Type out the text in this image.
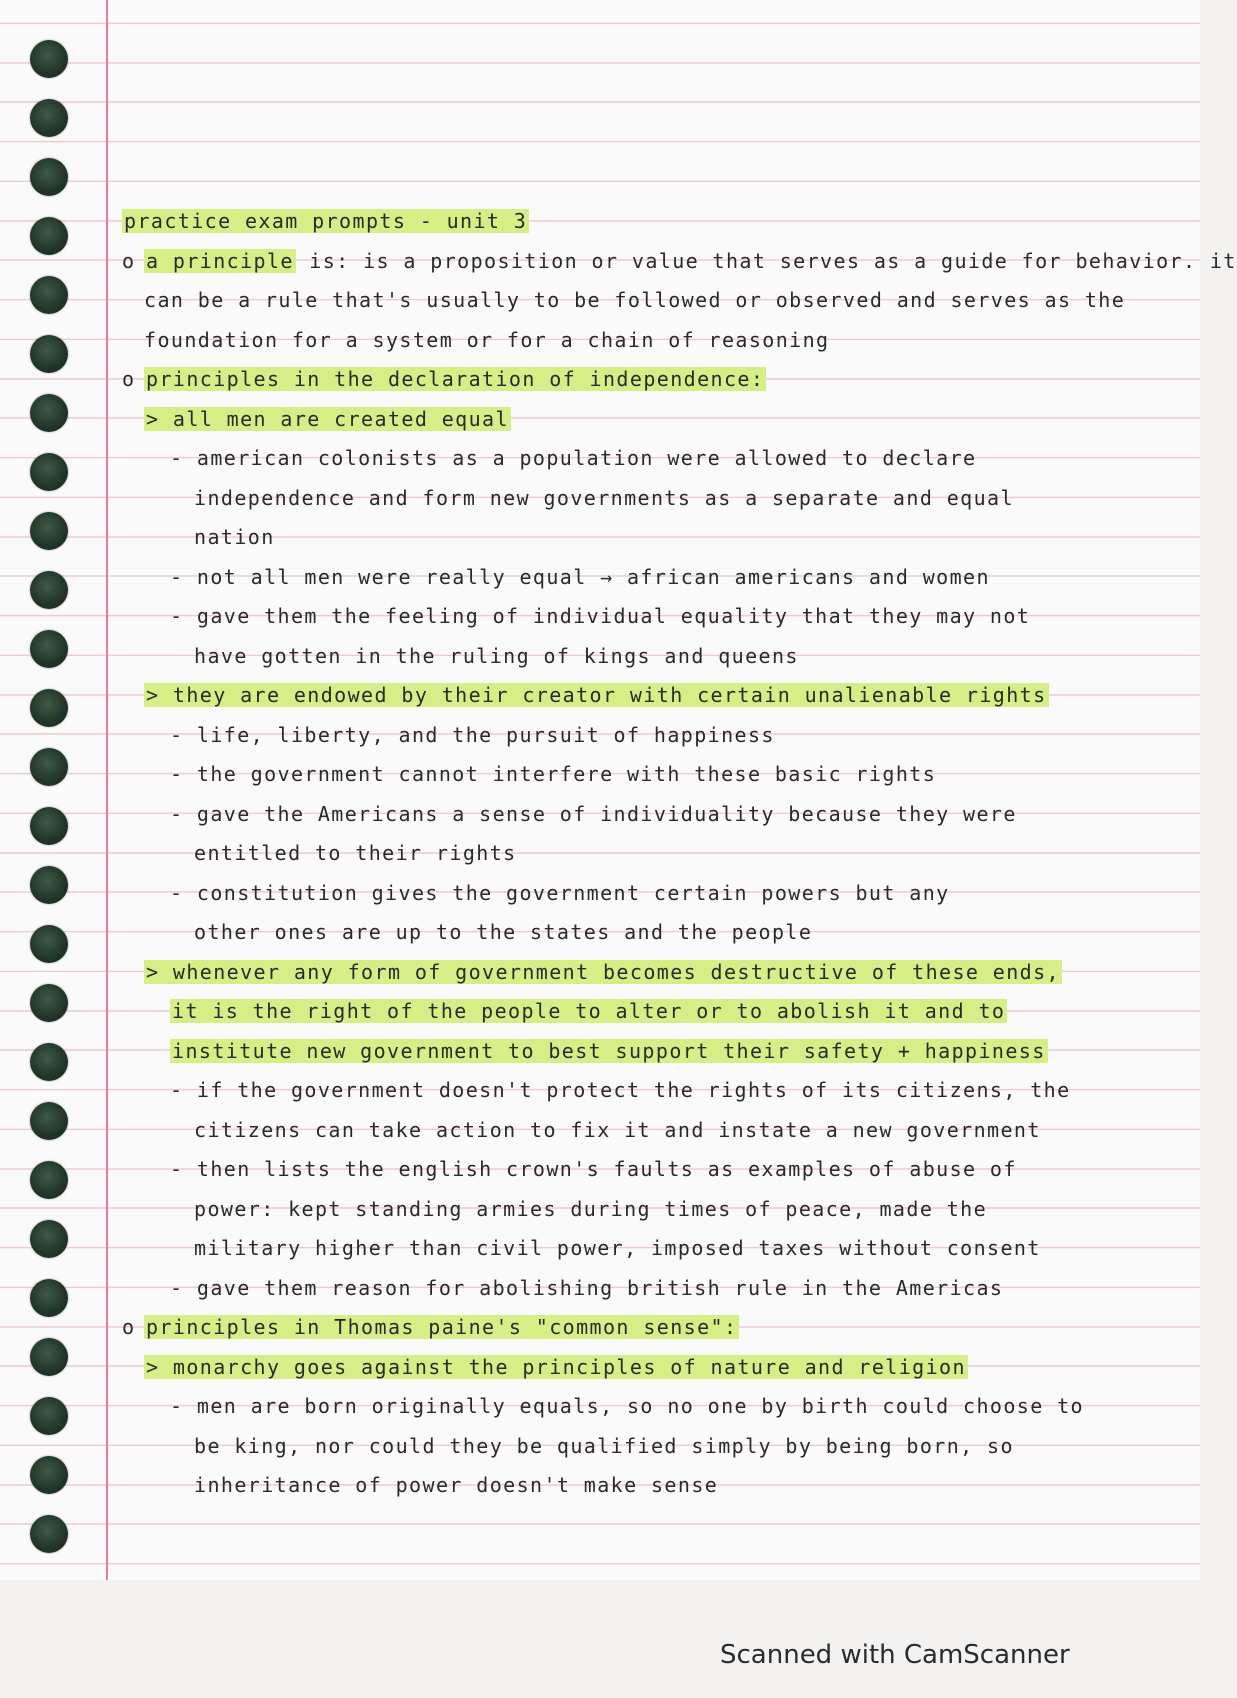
practice exam prompts - unit 3
o a principle is: is a proposition or value that serves as a guide for behavior. it
can be a rule that's usually to be followed or observed and serves as the
foundation for a system or for a chain of reasoning
o principles in the declaration of independence:
> all men are created equal
- american colonists as a population were allowed to declare
independence and form new governments as a separate and equal
nation
- not all men were really equal → african americans and women
- gave them the feeling of individual equality that they may not
have gotten in the ruling of kings and queens
> they are endowed by their creator with certain unalienable rights
- life, liberty, and the pursuit of happiness
- the government cannot interfere with these basic rights
- gave the Americans a sense of individuality because they were
entitled to their rights
- constitution gives the government certain powers but any
other ones are up to the states and the people
> whenever any form of government becomes destructive of these ends,
it is the right of the people to alter or to abolish it and to
institute new government to best support their safety + happiness
- if the government doesn't protect the rights of its citizens, the
citizens can take action to fix it and instate a new government
- then lists the english crown's faults as examples of abuse of
power: kept standing armies during times of peace, made the
military higher than civil power, imposed taxes without consent
- gave them reason for abolishing british rule in the Americas
o principles in Thomas paine's "common sense":
> monarchy goes against the principles of nature and religion
- men are born originally equals, so no one by birth could choose to
be king, nor could they be qualified simply by being born, so
inheritance of power doesn't make sense
Scanned with CamScanner
